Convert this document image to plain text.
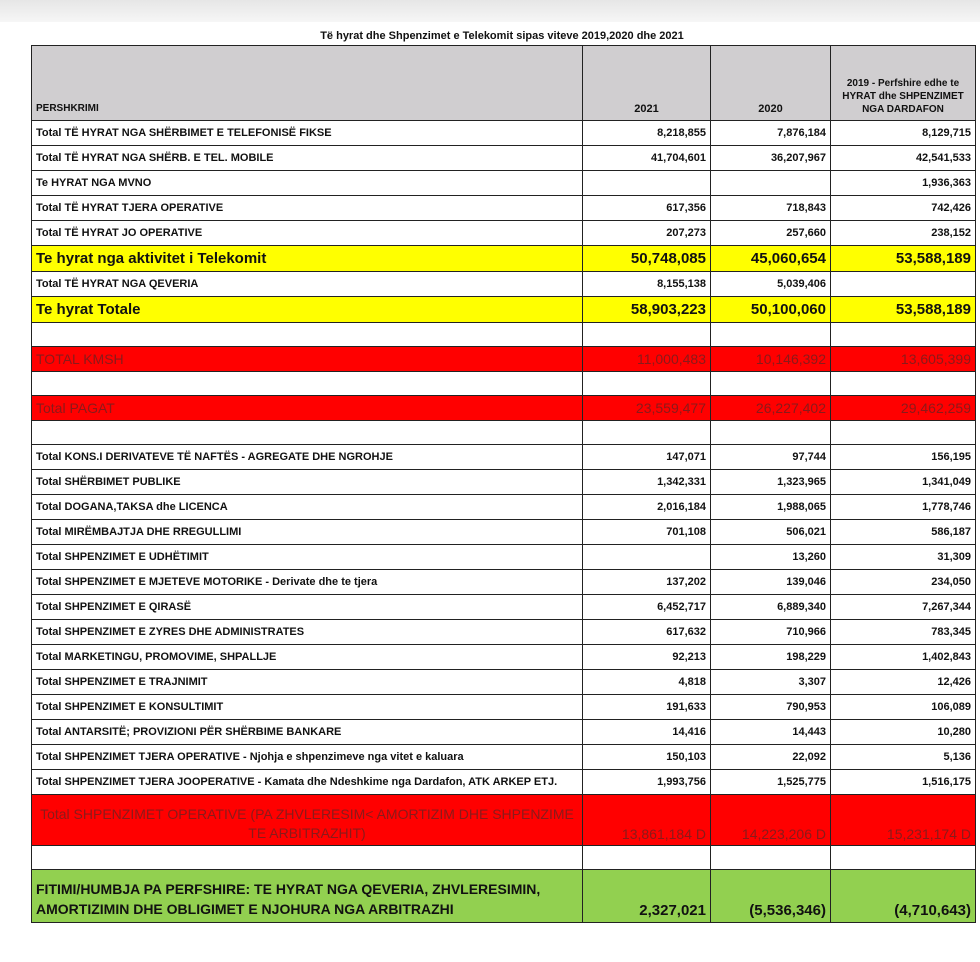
Të hyrat dhe Shpenzimet e Telekomit sipas viteve 2019,2020 dhe 2021
PERSHKRIMI	2021	2020	2019 - Perfshire edhe te HYRAT dhe SHPENZIMET NGA DARDAFON
Total TË HYRAT NGA SHËRBIMET E TELEFONISË FIKSE	8,218,855	7,876,184	8,129,715
Total TË HYRAT NGA SHËRB. E TEL. MOBILE	41,704,601	36,207,967	42,541,533
Te HYRAT NGA MVNO			1,936,363
Total TË HYRAT TJERA OPERATIVE	617,356	718,843	742,426
Total TË HYRAT JO OPERATIVE	207,273	257,660	238,152
Te hyrat nga aktivitet i Telekomit	50,748,085	45,060,654	53,588,189
Total TË HYRAT NGA QEVERIA	8,155,138	5,039,406	
Te hyrat Totale	58,903,223	50,100,060	53,588,189

TOTAL KMSH	11,000,483	10,146,392	13,605,399

Total PAGAT	23,559,477	26,227,402	29,462,259

Total KONS.I DERIVATEVE TË NAFTËS - AGREGATE DHE NGROHJE	147,071	97,744	156,195
Total SHËRBIMET PUBLIKE	1,342,331	1,323,965	1,341,049
Total DOGANA,TAKSA dhe LICENCA	2,016,184	1,988,065	1,778,746
Total MIRËMBAJTJA DHE RREGULLIMI	701,108	506,021	586,187
Total SHPENZIMET E UDHËTIMIT		13,260	31,309
Total SHPENZIMET E MJETEVE MOTORIKE - Derivate dhe te tjera	137,202	139,046	234,050
Total SHPENZIMET E QIRASË	6,452,717	6,889,340	7,267,344
Total SHPENZIMET E ZYRES DHE ADMINISTRATES	617,632	710,966	783,345
Total MARKETINGU, PROMOVIME, SHPALLJE	92,213	198,229	1,402,843
Total SHPENZIMET E TRAJNIMIT	4,818	3,307	12,426
Total SHPENZIMET E KONSULTIMIT	191,633	790,953	106,089
Total ANTARSITË; PROVIZIONI PËR SHËRBIME BANKARE	14,416	14,443	10,280
Total SHPENZIMET TJERA OPERATIVE - Njohja e shpenzimeve nga vitet e kaluara	150,103	22,092	5,136
Total SHPENZIMET TJERA JOOPERATIVE - Kamata dhe Ndeshkime nga Dardafon, ATK ARKEP ETJ.	1,993,756	1,525,775	1,516,175
Total SHPENZIMET OPERATIVE (PA ZHVLERESIM< AMORTIZIM DHE SHPENZIME TE ARBITRAZHIT)	13,861,184 D	14,223,206 D	15,231,174 D

FITIMI/HUMBJA PA PERFSHIRE: TE HYRAT NGA QEVERIA, ZHVLERESIMIN, AMORTIZIMIN DHE OBLIGIMET E NJOHURA NGA ARBITRAZHI	2,327,021	(5,536,346)	(4,710,643)
